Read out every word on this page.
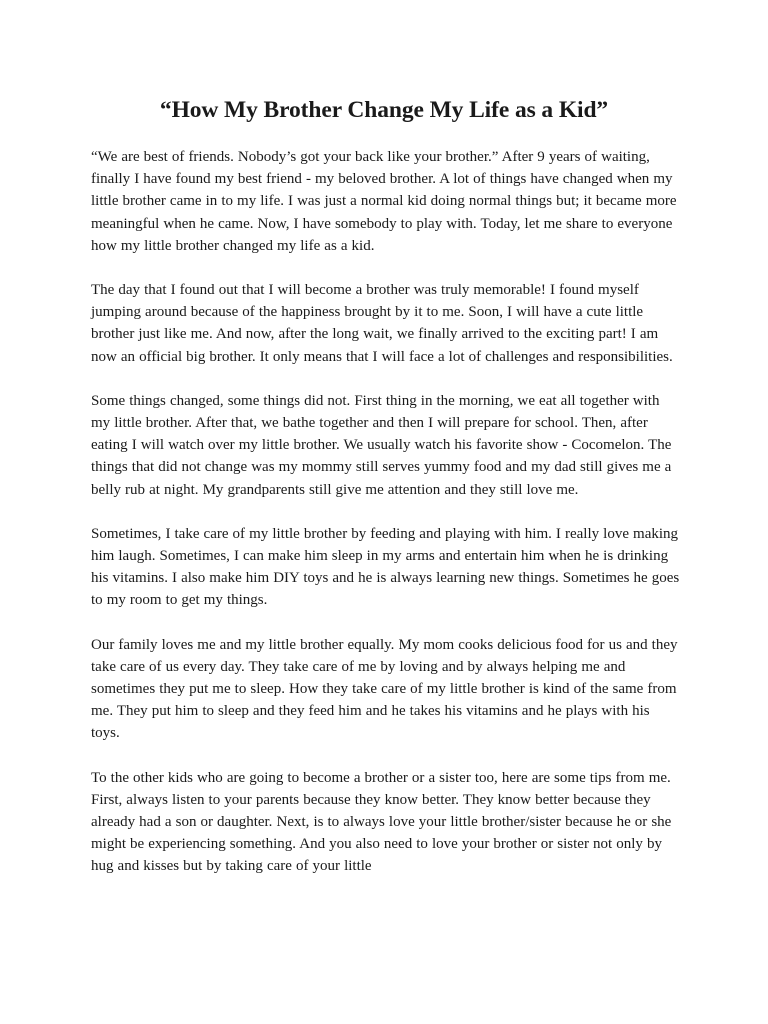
“How My Brother Change My Life as a Kid”

“We are best of friends. Nobody’s got your back like your brother.” After 9 years of waiting, finally I have found my best friend - my beloved brother. A lot of things have changed when my little brother came in to my life. I was just a normal kid doing normal things but; it became more meaningful when he came. Now, I have somebody to play with. Today, let me share to everyone how my little brother changed my life as a kid.

The day that I found out that I will become a brother was truly memorable! I found myself jumping around because of the happiness brought by it to me. Soon, I will have a cute little brother just like me. And now, after the long wait, we finally arrived to the exciting part! I am now an official big brother. It only means that I will face a lot of challenges and responsibilities.

Some things changed, some things did not. First thing in the morning, we eat all together with my little brother. After that, we bathe together and then I will prepare for school. Then, after eating I will watch over my little brother. We usually watch his favorite show - Cocomelon. The things that did not change was my mommy still serves yummy food and my dad still gives me a belly rub at night. My grandparents still give me attention and they still love me.

Sometimes, I take care of my little brother by feeding and playing with him. I really love making him laugh. Sometimes, I can make him sleep in my arms and entertain him when he is drinking his vitamins. I also make him DIY toys and he is always learning new things. Sometimes he goes to my room to get my things.

Our family loves me and my little brother equally. My mom cooks delicious food for us and they take care of us every day. They take care of me by loving and by always helping me and sometimes they put me to sleep. How they take care of my little brother is kind of the same from me. They put him to sleep and they feed him and he takes his vitamins and he plays with his toys.

To the other kids who are going to become a brother or a sister too, here are some tips from me. First, always listen to your parents because they know better. They know better because they already had a son or daughter. Next, is to always love your little brother/sister because he or she might be experiencing something. And you also need to love your brother or sister not only by hug and kisses but by taking care of your little
